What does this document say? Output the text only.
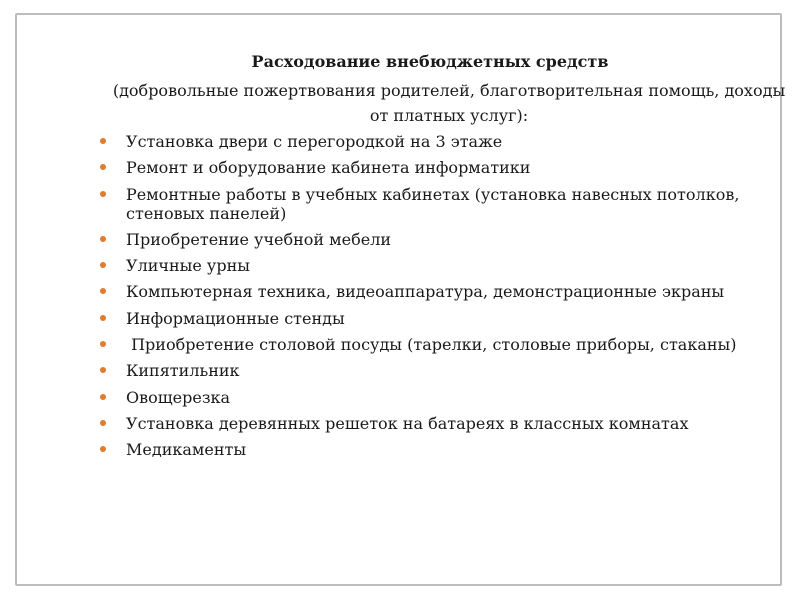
Расходование внебюджетных средств
(добровольные пожертвования родителей, благотворительная помощь, доходы от платных услуг):
Установка двери с перегородкой на 3 этаже
Ремонт и оборудование кабинета информатики
Ремонтные работы в учебных кабинетах (установка навесных потолков, стеновых панелей)
Приобретение учебной мебели
Уличные урны
Компьютерная техника, видеоаппаратура, демонстрационные экраны
Информационные стенды
Приобретение столовой посуды (тарелки, столовые приборы, стаканы)
Кипятильник
Овощерезка
Установка деревянных решеток на батареях в классных комнатах
Медикаменты
